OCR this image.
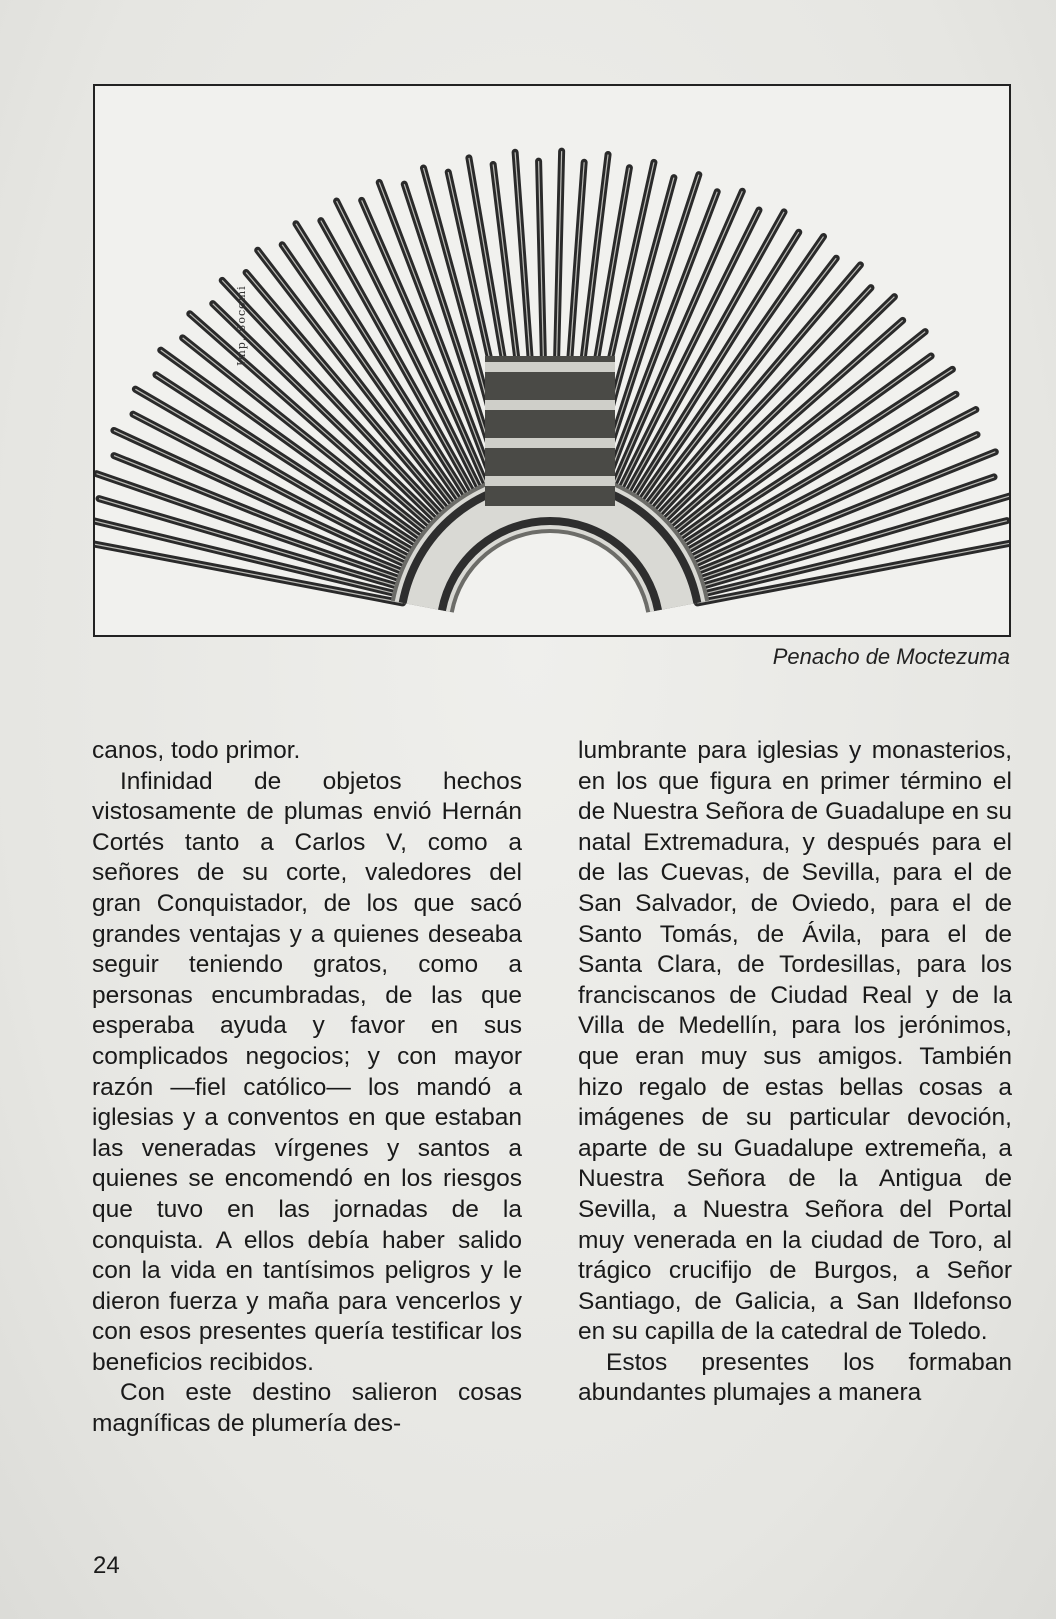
Imp. Socomi
Penacho de Moctezuma

canos, todo primor.

Infinidad de objetos hechos vistosamente de plumas envió Hernán Cortés tanto a Carlos V, como a señores de su corte, valedores del gran Conquistador, de los que sacó grandes ventajas y a quienes deseaba seguir teniendo gratos, como a personas encumbradas, de las que esperaba ayuda y favor en sus complicados negocios; y con mayor razón —fiel católico— los mandó a iglesias y a conventos en que estaban las veneradas vírgenes y santos a quienes se encomendó en los riesgos que tuvo en las jornadas de la conquista. A ellos debía haber salido con la vida en tantísimos peligros y le dieron fuerza y maña para vencerlos y con esos presentes quería testificar los beneficios recibidos.

Con este destino salieron cosas magníficas de plumería des-

lumbrante para iglesias y monasterios, en los que figura en primer término el de Nuestra Señora de Guadalupe en su natal Extremadura, y después para el de las Cuevas, de Sevilla, para el de San Salvador, de Oviedo, para el de Santo Tomás, de Ávila, para el de Santa Clara, de Tordesillas, para los franciscanos de Ciudad Real y de la Villa de Medellín, para los jerónimos, que eran muy sus amigos. También hizo regalo de estas bellas cosas a imágenes de su particular devoción, aparte de su Guadalupe extremeña, a Nuestra Señora de la Antigua de Sevilla, a Nuestra Señora del Portal muy venerada en la ciudad de Toro, al trágico crucifijo de Burgos, a Señor Santiago, de Galicia, a San Ildefonso en su capilla de la catedral de Toledo.

Estos presentes los formaban abundantes plumajes a manera

24
